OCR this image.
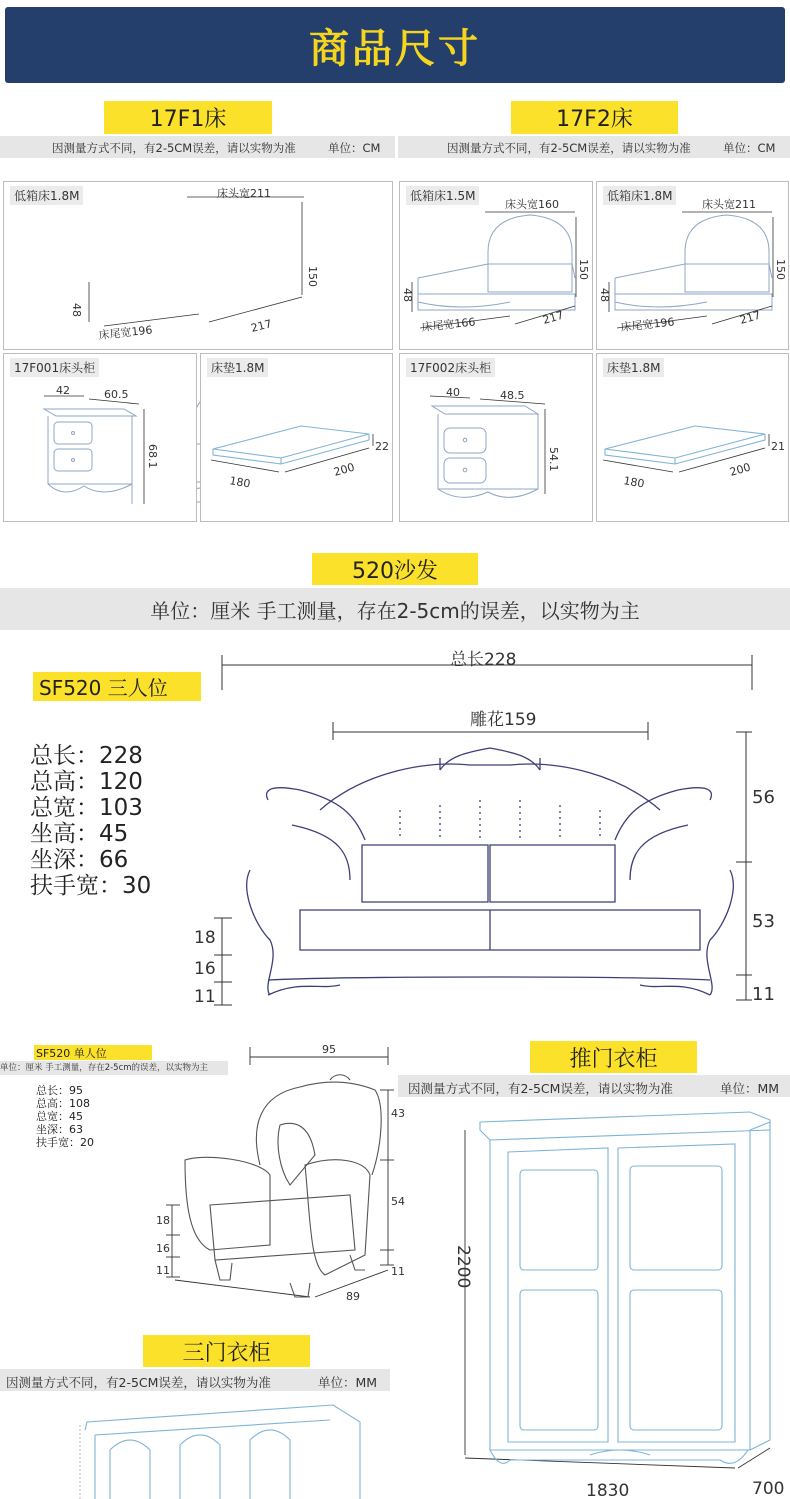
商品尺寸
17F1床	17F2床
因测量方式不同，有2-5CM误差，请以实物为准	单位：CM	因测量方式不同，有2-5CM误差，请以实物为准	单位：CM
低箱床1.8M	床头宽211
150
48
床尾宽196	217
低箱床1.5M
床头宽160
150
48
床尾宽166	217
低箱床1.8M
床头宽211
150
48
床尾宽196	217
17F001床头柜
42	60.5
68.1
床垫1.8M
180
200
22
17F002床头柜
40	48.5
54.1
床垫1.8M
180
200
21
520沙发
单位：厘米 手工测量，存在2-5cm的误差，以实物为主
SF520 三人位
总长：228
总高：120
总宽：103
坐高：45
坐深：66
扶手宽：30
总长228
雕花159
56
53
11
18
16
11
SF520 单人位
单位：厘米 手工测量，存在2-5cm的误差，以实物为主
总长：95
总高：108
总宽：45
坐深：63
扶手宽：20
95
43
54
11
18
16
11
89
推门衣柜
因测量方式不同，有2-5CM误差，请以实物为准	单位：MM
2200
1830	700
三门衣柜
因测量方式不同，有2-5CM误差，请以实物为准	单位：MM
